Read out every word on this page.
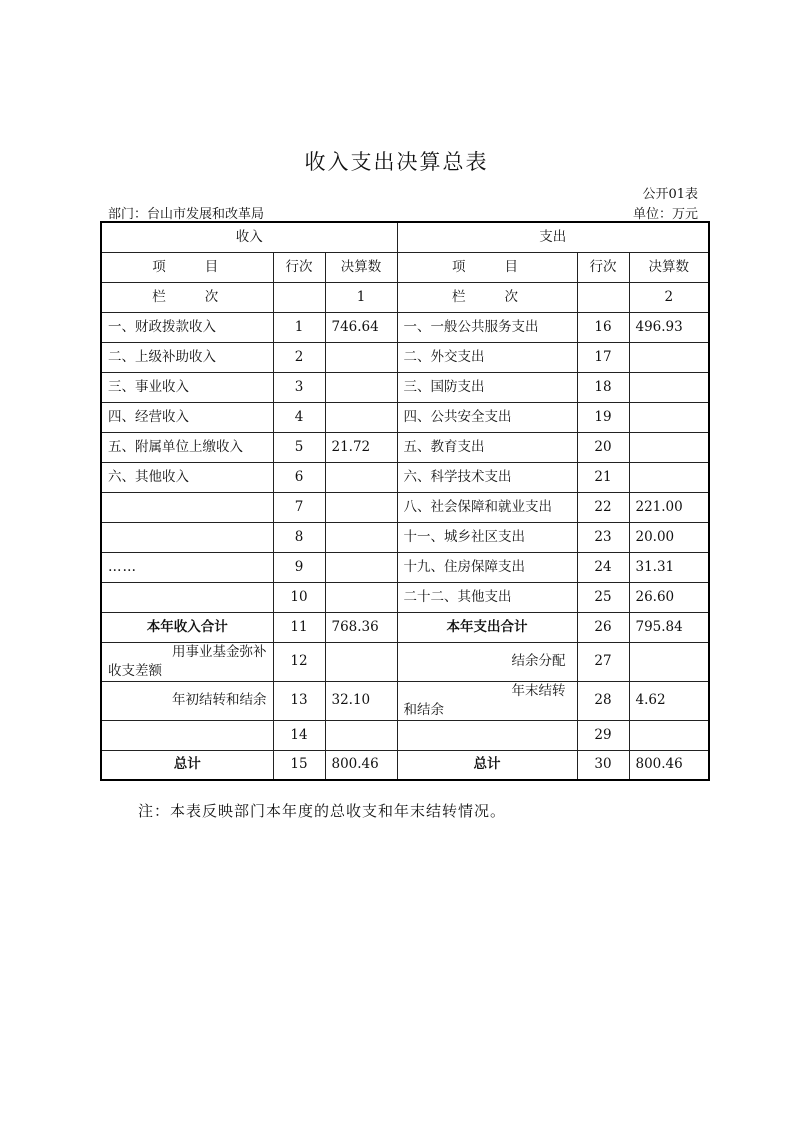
收入支出决算总表
公开01表
部门：台山市发展和改革局	单位：万元
收入			支出		
项　　目	行次	决算数	项　　目	行次	决算数
栏　　次		1	栏　　次		2
一、财政拨款收入	1	746.64	一、一般公共服务支出	16	496.93
二、上级补助收入	2		二、外交支出	17	
三、事业收入	3		三、国防支出	18	
四、经营收入	4		四、公共安全支出	19	
五、附属单位上缴收入	5	21.72	五、教育支出	20	
六、其他收入	6		六、科学技术支出	21	
	7		八、社会保障和就业支出	22	221.00
	8		十一、城乡社区支出	23	20.00
……	9		十九、住房保障支出	24	31.31
	10		二十二、其他支出	25	26.60
本年收入合计	11	768.36	本年支出合计	26	795.84
用事业基金弥补收支差额	12		结余分配	27	
年初结转和结余	13	32.10	年末结转和结余	28	4.62
	14			29	
总计	15	800.46	总计	30	800.46
注：本表反映部门本年度的总收支和年末结转情况。
